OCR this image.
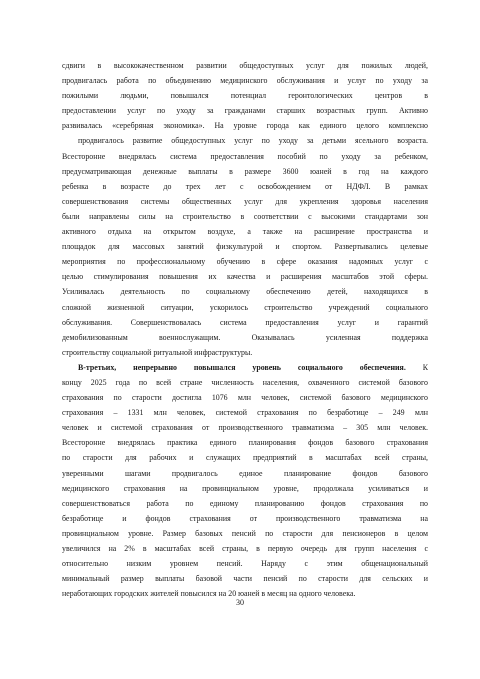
сдвиги в высококачественном развитии общедоступных услуг для пожилых людей,
продвигалась работа по объединению медицинского обслуживания и услуг по уходу за
пожилыми людьми, повышался потенциал геронтологических центров в
предоставлении услуг по уходу за гражданами старших возрастных групп. Активно
развивалась «серебряная экономика». На уровне города как единого целого комплексно
продвигалось развитие общедоступных услуг по уходу за детьми ясельного возраста.
Всесторонне внедрялась система предоставления пособий по уходу за ребенком,
предусматривающая денежные выплаты в размере 3600 юаней в год на каждого
ребенка в возрасте до трех лет с освобождением от НДФЛ. В рамках
совершенствования системы общественных услуг для укрепления здоровья населения
были направлены силы на строительство в соответствии с высокими стандартами зон
активного отдыха на открытом воздухе, а также на расширение пространства и
площадок для массовых занятий физкультурой и спортом. Развертывались целевые
мероприятия по профессиональному обучению в сфере оказания надомных услуг с
целью стимулирования повышения их качества и расширения масштабов этой сферы.
Усиливалась деятельность по социальному обеспечению детей, находящихся в
сложной жизненной ситуации, ускорилось строительство учреждений социального
обслуживания. Совершенствовалась система предоставления услуг и гарантий
демобилизованным военнослужащим. Оказывалась усиленная поддержка
строительству социальной ритуальной инфраструктуры.
В-третьих, непрерывно повышался уровень социального обеспечения. К
концу 2025 года по всей стране численность населения, охваченного системой базового
страхования по старости достигла 1076 млн человек, системой базового медицинского
страхования – 1331 млн человек, системой страхования по безработице – 249 млн
человек и системой страхования от производственного травматизма – 305 млн человек.
Всесторонне внедрялась практика единого планирования фондов базового страхования
по старости для рабочих и служащих предприятий в масштабах всей страны,
уверенными шагами продвигалось единое планирование фондов базового
медицинского страхования на провинциальном уровне, продолжала усиливаться и
совершенствоваться работа по единому планированию фондов страхования по
безработице и фондов страхования от производственного травматизма на
провинциальном уровне. Размер базовых пенсий по старости для пенсионеров в целом
увеличился на 2% в масштабах всей страны, в первую очередь для групп населения с
относительно низким уровнем пенсий. Наряду с этим общенациональный
минимальный размер выплаты базовой части пенсий по старости для сельских и
неработающих городских жителей повысился на 20 юаней в месяц на одного человека.
30
